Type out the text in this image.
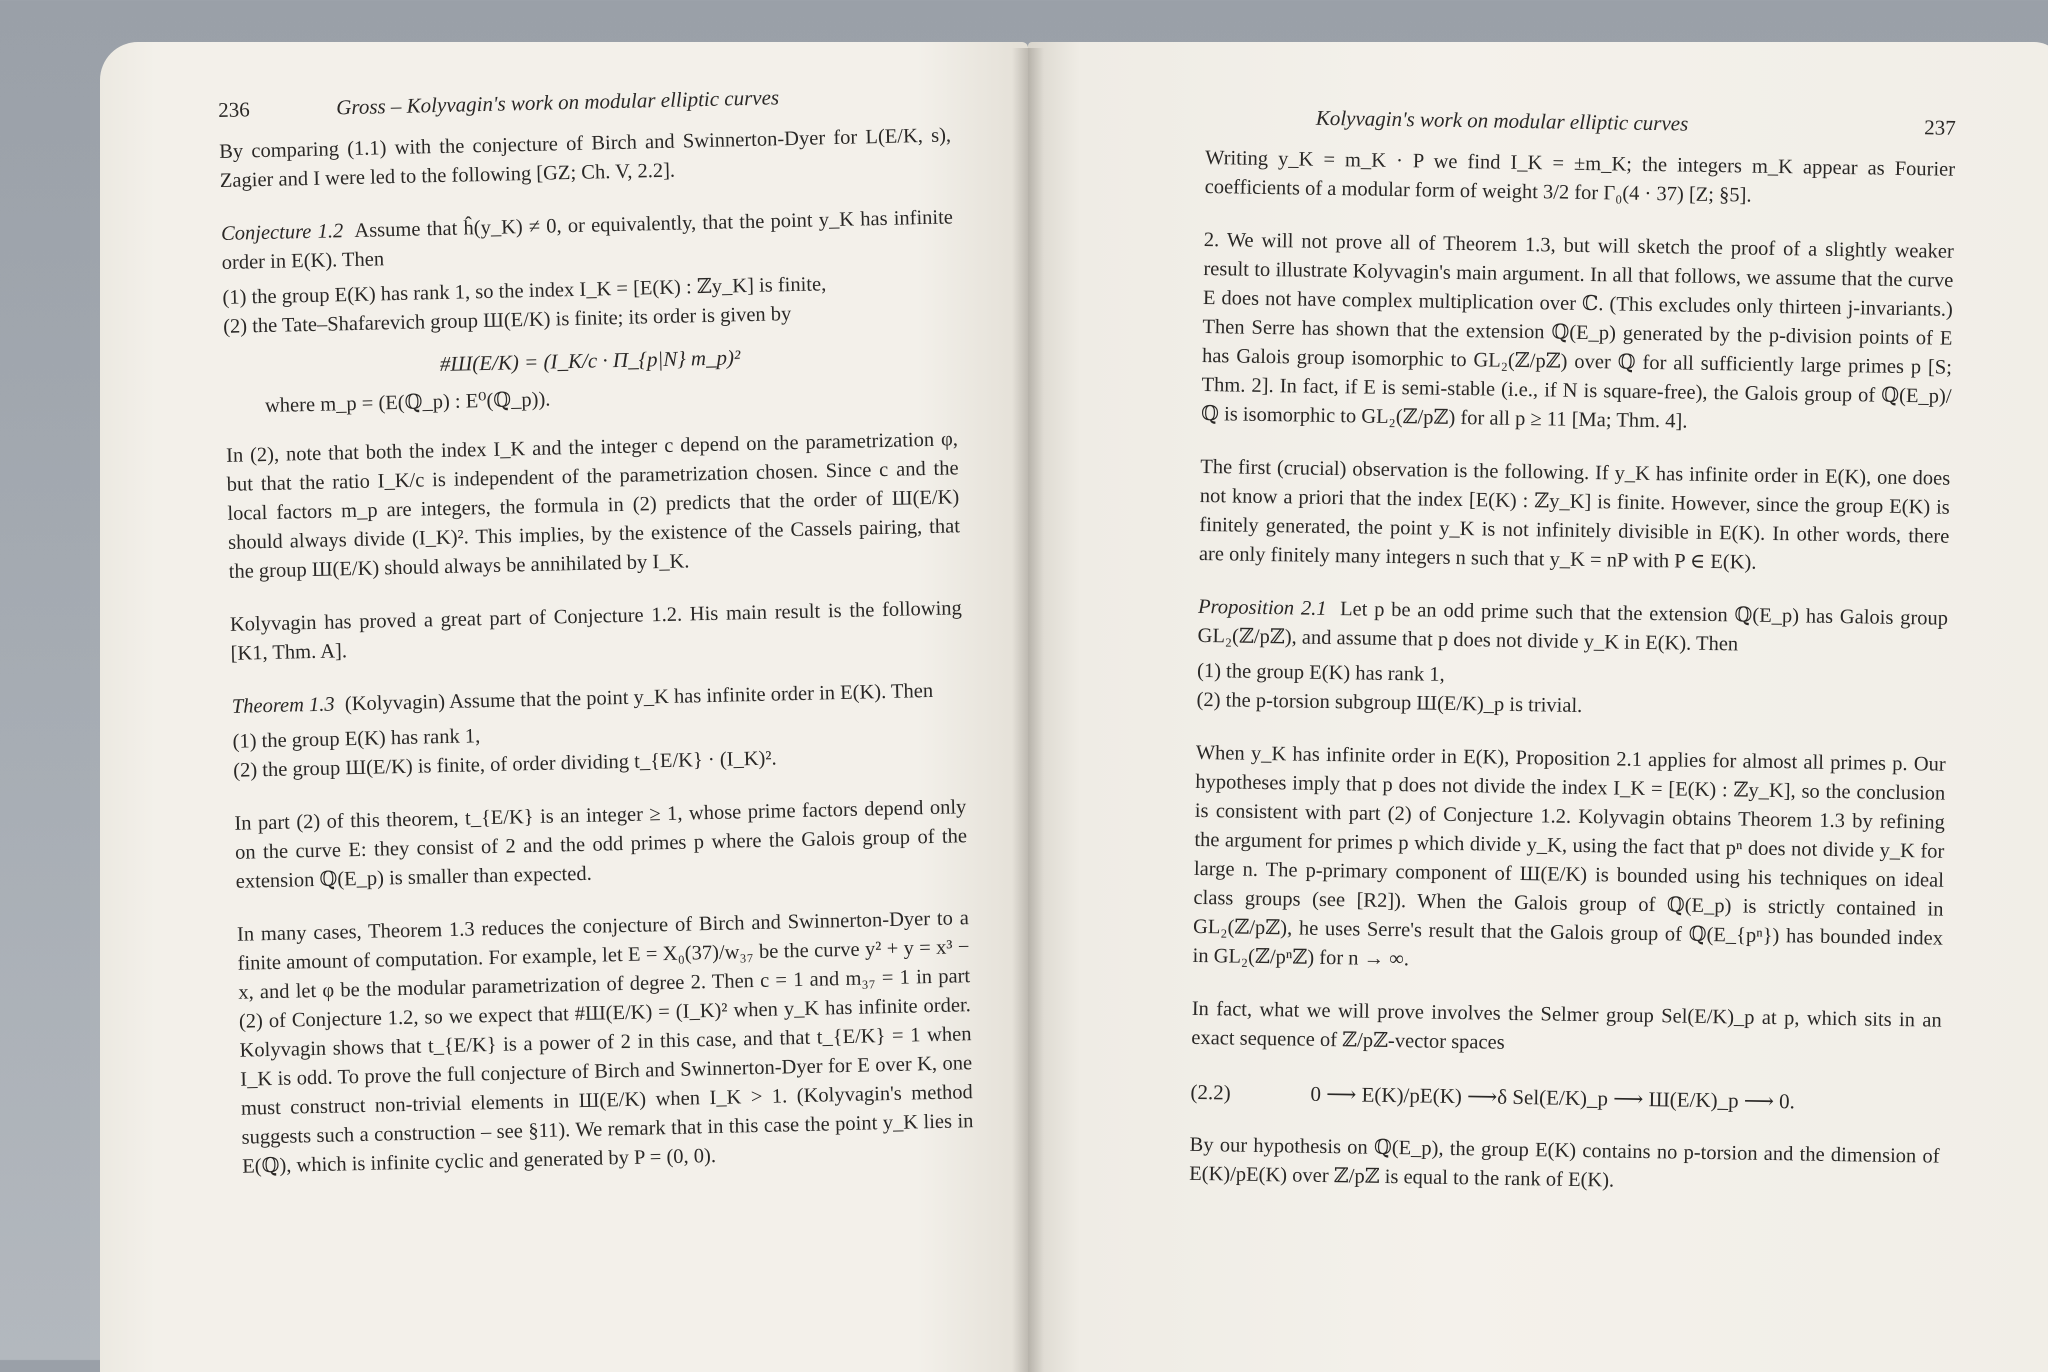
236	Gross – Kolyvagin's work on modular elliptic curves

By comparing (1.1) with the conjecture of Birch and Swinnerton-Dyer for L(E/K, s), Zagier and I were led to the following [GZ; Ch. V, 2.2].

Conjecture 1.2 Assume that ĥ(y_K) ≠ 0, or equivalently, that the point y_K has infinite order in E(K). Then

(1) the group E(K) has rank 1, so the index I_K = [E(K) : ℤy_K] is finite,

(2) the Tate–Shafarevich group Ш(E/K) is finite; its order is given by

#Ш(E/K) = (I_K/c · Π_{p|N} m_p)²

where m_p = (E(ℚ_p) : E⁰(ℚ_p)).

In (2), note that both the index I_K and the integer c depend on the parametrization φ, but that the ratio I_K/c is independent of the parametrization chosen. Since c and the local factors m_p are integers, the formula in (2) predicts that the order of Ш(E/K) should always divide (I_K)². This implies, by the existence of the Cassels pairing, that the group Ш(E/K) should always be annihilated by I_K.

Kolyvagin has proved a great part of Conjecture 1.2. His main result is the following [K1, Thm. A].

Theorem 1.3 (Kolyvagin) Assume that the point y_K has infinite order in E(K). Then

(1) the group E(K) has rank 1,

(2) the group Ш(E/K) is finite, of order dividing t_{E/K} · (I_K)².

In part (2) of this theorem, t_{E/K} is an integer ≥ 1, whose prime factors depend only on the curve E: they consist of 2 and the odd primes p where the Galois group of the extension ℚ(E_p) is smaller than expected.

In many cases, Theorem 1.3 reduces the conjecture of Birch and Swinnerton-Dyer to a finite amount of computation. For example, let E = X₀(37)/w₃₇ be the curve y² + y = x³ − x, and let φ be the modular parametrization of degree 2. Then c = 1 and m₃₇ = 1 in part (2) of Conjecture 1.2, so we expect that #Ш(E/K) = (I_K)² when y_K has infinite order. Kolyvagin shows that t_{E/K} is a power of 2 in this case, and that t_{E/K} = 1 when I_K is odd. To prove the full conjecture of Birch and Swinnerton-Dyer for E over K, one must construct non-trivial elements in Ш(E/K) when I_K > 1. (Kolyvagin's method suggests such a construction – see §11). We remark that in this case the point y_K lies in E(ℚ), which is infinite cyclic and generated by P = (0, 0).

Kolyvagin's work on modular elliptic curves	237

Writing y_K = m_K · P we find I_K = ±m_K; the integers m_K appear as Fourier coefficients of a modular form of weight 3/2 for Γ₀(4 · 37) [Z; §5].

2. We will not prove all of Theorem 1.3, but will sketch the proof of a slightly weaker result to illustrate Kolyvagin's main argument. In all that follows, we assume that the curve E does not have complex multiplication over ℂ. (This excludes only thirteen j-invariants.) Then Serre has shown that the extension ℚ(E_p) generated by the p-division points of E has Galois group isomorphic to GL₂(ℤ/pℤ) over ℚ for all sufficiently large primes p [S; Thm. 2]. In fact, if E is semi-stable (i.e., if N is square-free), the Galois group of ℚ(E_p)/ℚ is isomorphic to GL₂(ℤ/pℤ) for all p ≥ 11 [Ma; Thm. 4].

The first (crucial) observation is the following. If y_K has infinite order in E(K), one does not know a priori that the index [E(K) : ℤy_K] is finite. However, since the group E(K) is finitely generated, the point y_K is not infinitely divisible in E(K). In other words, there are only finitely many integers n such that y_K = nP with P ∈ E(K).

Proposition 2.1 Let p be an odd prime such that the extension ℚ(E_p) has Galois group GL₂(ℤ/pℤ), and assume that p does not divide y_K in E(K). Then

(1) the group E(K) has rank 1,

(2) the p-torsion subgroup Ш(E/K)_p is trivial.

When y_K has infinite order in E(K), Proposition 2.1 applies for almost all primes p. Our hypotheses imply that p does not divide the index I_K = [E(K) : ℤy_K], so the conclusion is consistent with part (2) of Conjecture 1.2. Kolyvagin obtains Theorem 1.3 by refining the argument for primes p which divide y_K, using the fact that pⁿ does not divide y_K for large n. The p-primary component of Ш(E/K) is bounded using his techniques on ideal class groups (see [R2]). When the Galois group of ℚ(E_p) is strictly contained in GL₂(ℤ/pℤ), he uses Serre's result that the Galois group of ℚ(E_{pⁿ}) has bounded index in GL₂(ℤ/pⁿℤ) for n → ∞.

In fact, what we will prove involves the Selmer group Sel(E/K)_p at p, which sits in an exact sequence of ℤ/pℤ-vector spaces

(2.2)	0 ⟶ E(K)/pE(K) ⟶δ Sel(E/K)_p ⟶ Ш(E/K)_p ⟶ 0.

By our hypothesis on ℚ(E_p), the group E(K) contains no p-torsion and the dimension of E(K)/pE(K) over ℤ/pℤ is equal to the rank of E(K).
